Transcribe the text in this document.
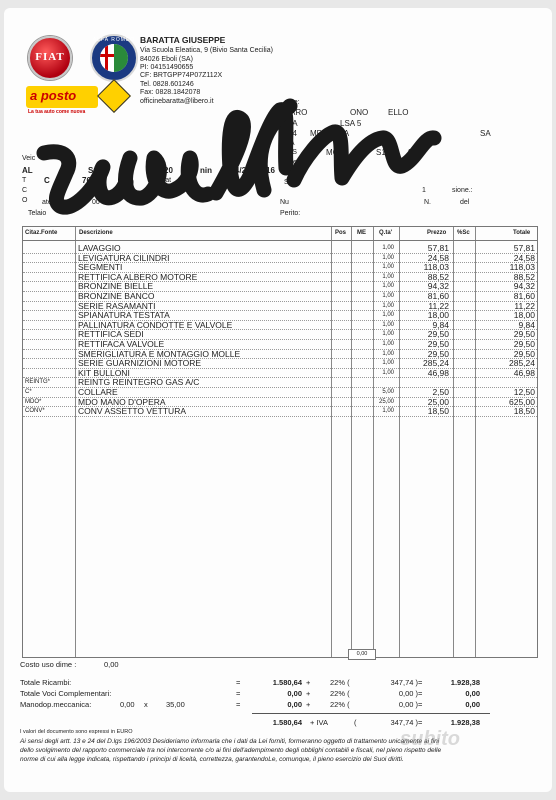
FIAT
ALFA ROMEO
a posto
La tua auto come nuova
BARATTA GIUSEPPE
Via Scuola Eleatica, 9 (Bivio Santa Cecilia)
84026 Eboli (SA)
PI: 04151490655
CF: BRTGPP74P07Z112X
Tel. 0828.601246
Fax: 0828.1842078
officinebaratta@libero.it	ente:
ARO	ONO ELLO
IA	LSA 5
84 MP NA	SA
FA
FIS	MCM	S1	90G
Telef
Veic
AL	Spi	20	nin l 04/20 16
T C	76L	immat	Sinis
C	1	sione.:
O atesi	00	Nu	N.	del
Telaio	Perito:
Citaz.Fonte	Descrizione	Pos ME Q.ta'	Prezzo %Sc	Totale
LAVAGGIO	1,00	57,81	57,81
LEVIGATURA CILINDRI	1,00	24,58	24,58
SEGMENTI	1,00	118,03	118,03
RETTIFICA ALBERO MOTORE	1,00	88,52	88,52
BRONZINE BIELLE	1,00	94,32	94,32
BRONZINE BANCO	1,00	81,60	81,60
SERIE RASAMANTI	1,00	11,22	11,22
SPIANATURA TESTATA	1,00	18,00	18,00
PALLINATURA CONDOTTE E VALVOLE	1,00	9,84	9,84
RETTIFICA SEDI	1,00	29,50	29,50
RETTIFACA VALVOLE	1,00	29,50	29,50
SMERIGLIATURA E MONTAGGIO MOLLE	1,00	29,50	29,50
SERIE GUARNIZIONI MOTORE	1,00	285,24	285,24
KIT BULLONI	1,00	46,98	46,98
REINTG*	REINTG REINTEGRO GAS A/C
C*	COLLARE	5,00	2,50	12,50
MDO*	MDO MANO D'OPERA	25,00	25,00	625,00
CONV*	CONV ASSETTO VETTURA	1,00	18,50	18,50
0,00
Costo uso dime :	0,00
Totale Ricambi:	=	1.580,64 +	22% (	347,74 ) =	1.928,38
Totale Voci Complementari:	=	0,00 +	22% (	0,00 ) =	0,00
Manodop.meccanica:	0,00 x 35,00	=	0,00 +	22% (	0,00 ) =	0,00
1.580,64 + IVA	(	347,74 ) =	1.928,38
I valori del documento sono espressi in EURO
Ai sensi degli artt. 13 e 24 del D.lgs 196/2003 Desideriamo informarla che i dati da Lei forniti, formeranno oggetto di trattamento unicamente ai fini
dello svolgimento del rapporto commerciale tra noi intercorrente c/o ai fini dell'adempimento degli obblighi contabili e fiscali, nel pieno rispetto delle
norme di cui alla legge indicata, rispettando i principi di liceità, correttezza, garantendoLe, comunque, il pieno esercizio dei Suoi diritti.
subito
